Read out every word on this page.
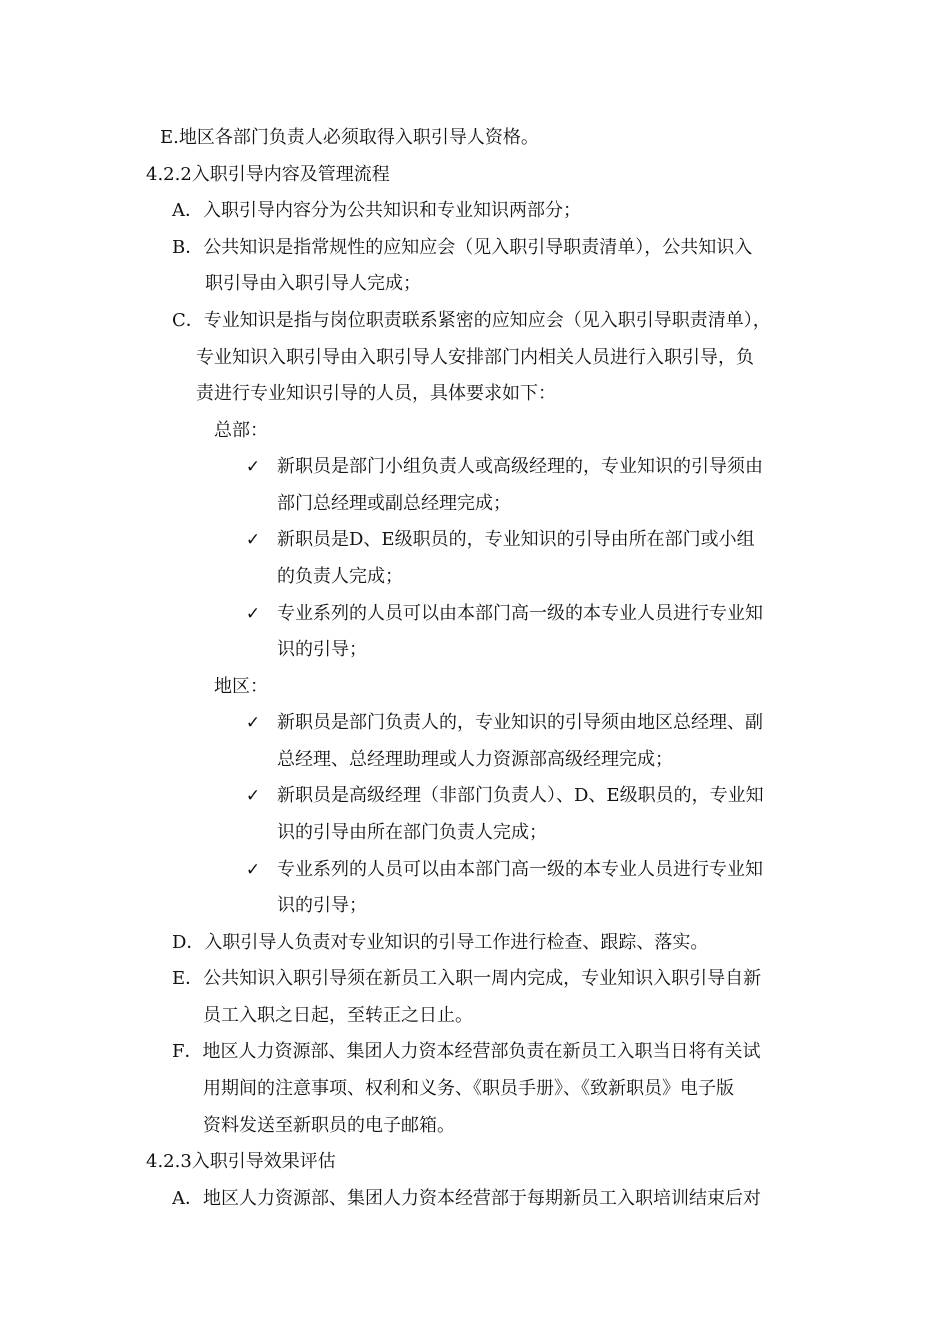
E.地区各部门负责人必须取得入职引导人资格。
4.2.2入职引导内容及管理流程
A．入职引导内容分为公共知识和专业知识两部分；
B．公共知识是指常规性的应知应会（见入职引导职责清单），公共知识入
职引导由入职引导人完成；
C．专业知识是指与岗位职责联系紧密的应知应会（见入职引导职责清单），
专业知识入职引导由入职引导人安排部门内相关人员进行入职引导，负
责进行专业知识引导的人员，具体要求如下：
总部：
✓ 新职员是部门小组负责人或高级经理的，专业知识的引导须由
部门总经理或副总经理完成；
✓ 新职员是D、E级职员的，专业知识的引导由所在部门或小组
的负责人完成；
✓ 专业系列的人员可以由本部门高一级的本专业人员进行专业知
识的引导；
地区：
✓ 新职员是部门负责人的，专业知识的引导须由地区总经理、副
总经理、总经理助理或人力资源部高级经理完成；
✓ 新职员是高级经理（非部门负责人）、D、E级职员的，专业知
识的引导由所在部门负责人完成；
✓ 专业系列的人员可以由本部门高一级的本专业人员进行专业知
识的引导；
D．入职引导人负责对专业知识的引导工作进行检查、跟踪、落实。
E．公共知识入职引导须在新员工入职一周内完成，专业知识入职引导自新
员工入职之日起，至转正之日止。
F．地区人力资源部、集团人力资本经营部负责在新员工入职当日将有关试
用期间的注意事项、权利和义务、《职员手册》、《致新职员》电子版
资料发送至新职员的电子邮箱。
4.2.3入职引导效果评估
A．地区人力资源部、集团人力资本经营部于每期新员工入职培训结束后对
